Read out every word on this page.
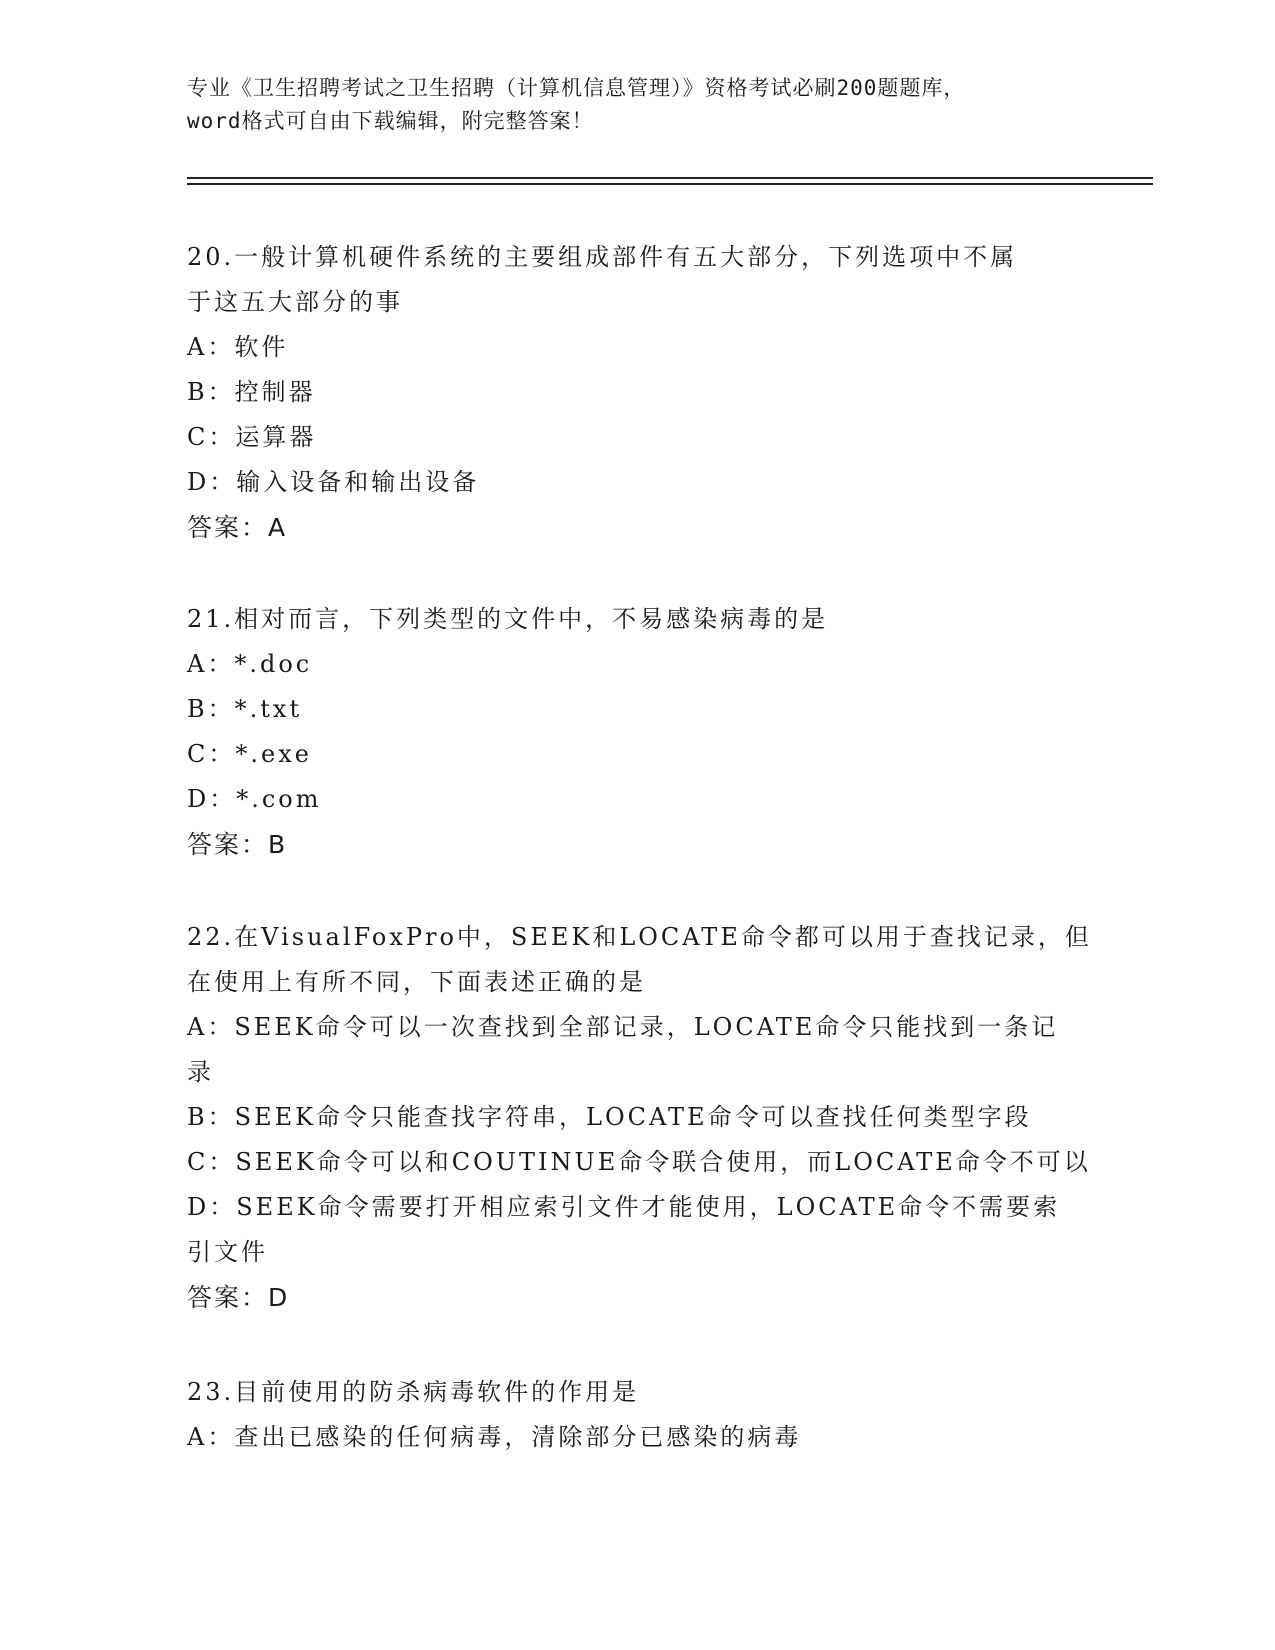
专业《卫生招聘考试之卫生招聘（计算机信息管理）》资格考试必刷200题题库，
word格式可自由下载编辑，附完整答案！
20.一般计算机硬件系统的主要组成部件有五大部分，下列选项中不属
于这五大部分的事
A：软件
B：控制器
C：运算器
D：输入设备和输出设备
答案：A
21.相对而言，下列类型的文件中，不易感染病毒的是
A：*.doc
B：*.txt
C：*.exe
D：*.com
答案：B
22.在VisualFoxPro中，SEEK和LOCATE命令都可以用于查找记录，但
在使用上有所不同，下面表述正确的是
A：SEEK命令可以一次查找到全部记录，LOCATE命令只能找到一条记
录
B：SEEK命令只能查找字符串，LOCATE命令可以查找任何类型字段
C：SEEK命令可以和COUTINUE命令联合使用，而LOCATE命令不可以
D：SEEK命令需要打开相应索引文件才能使用，LOCATE命令不需要索
引文件
答案：D
23.目前使用的防杀病毒软件的作用是
A：查出已感染的任何病毒，清除部分已感染的病毒
